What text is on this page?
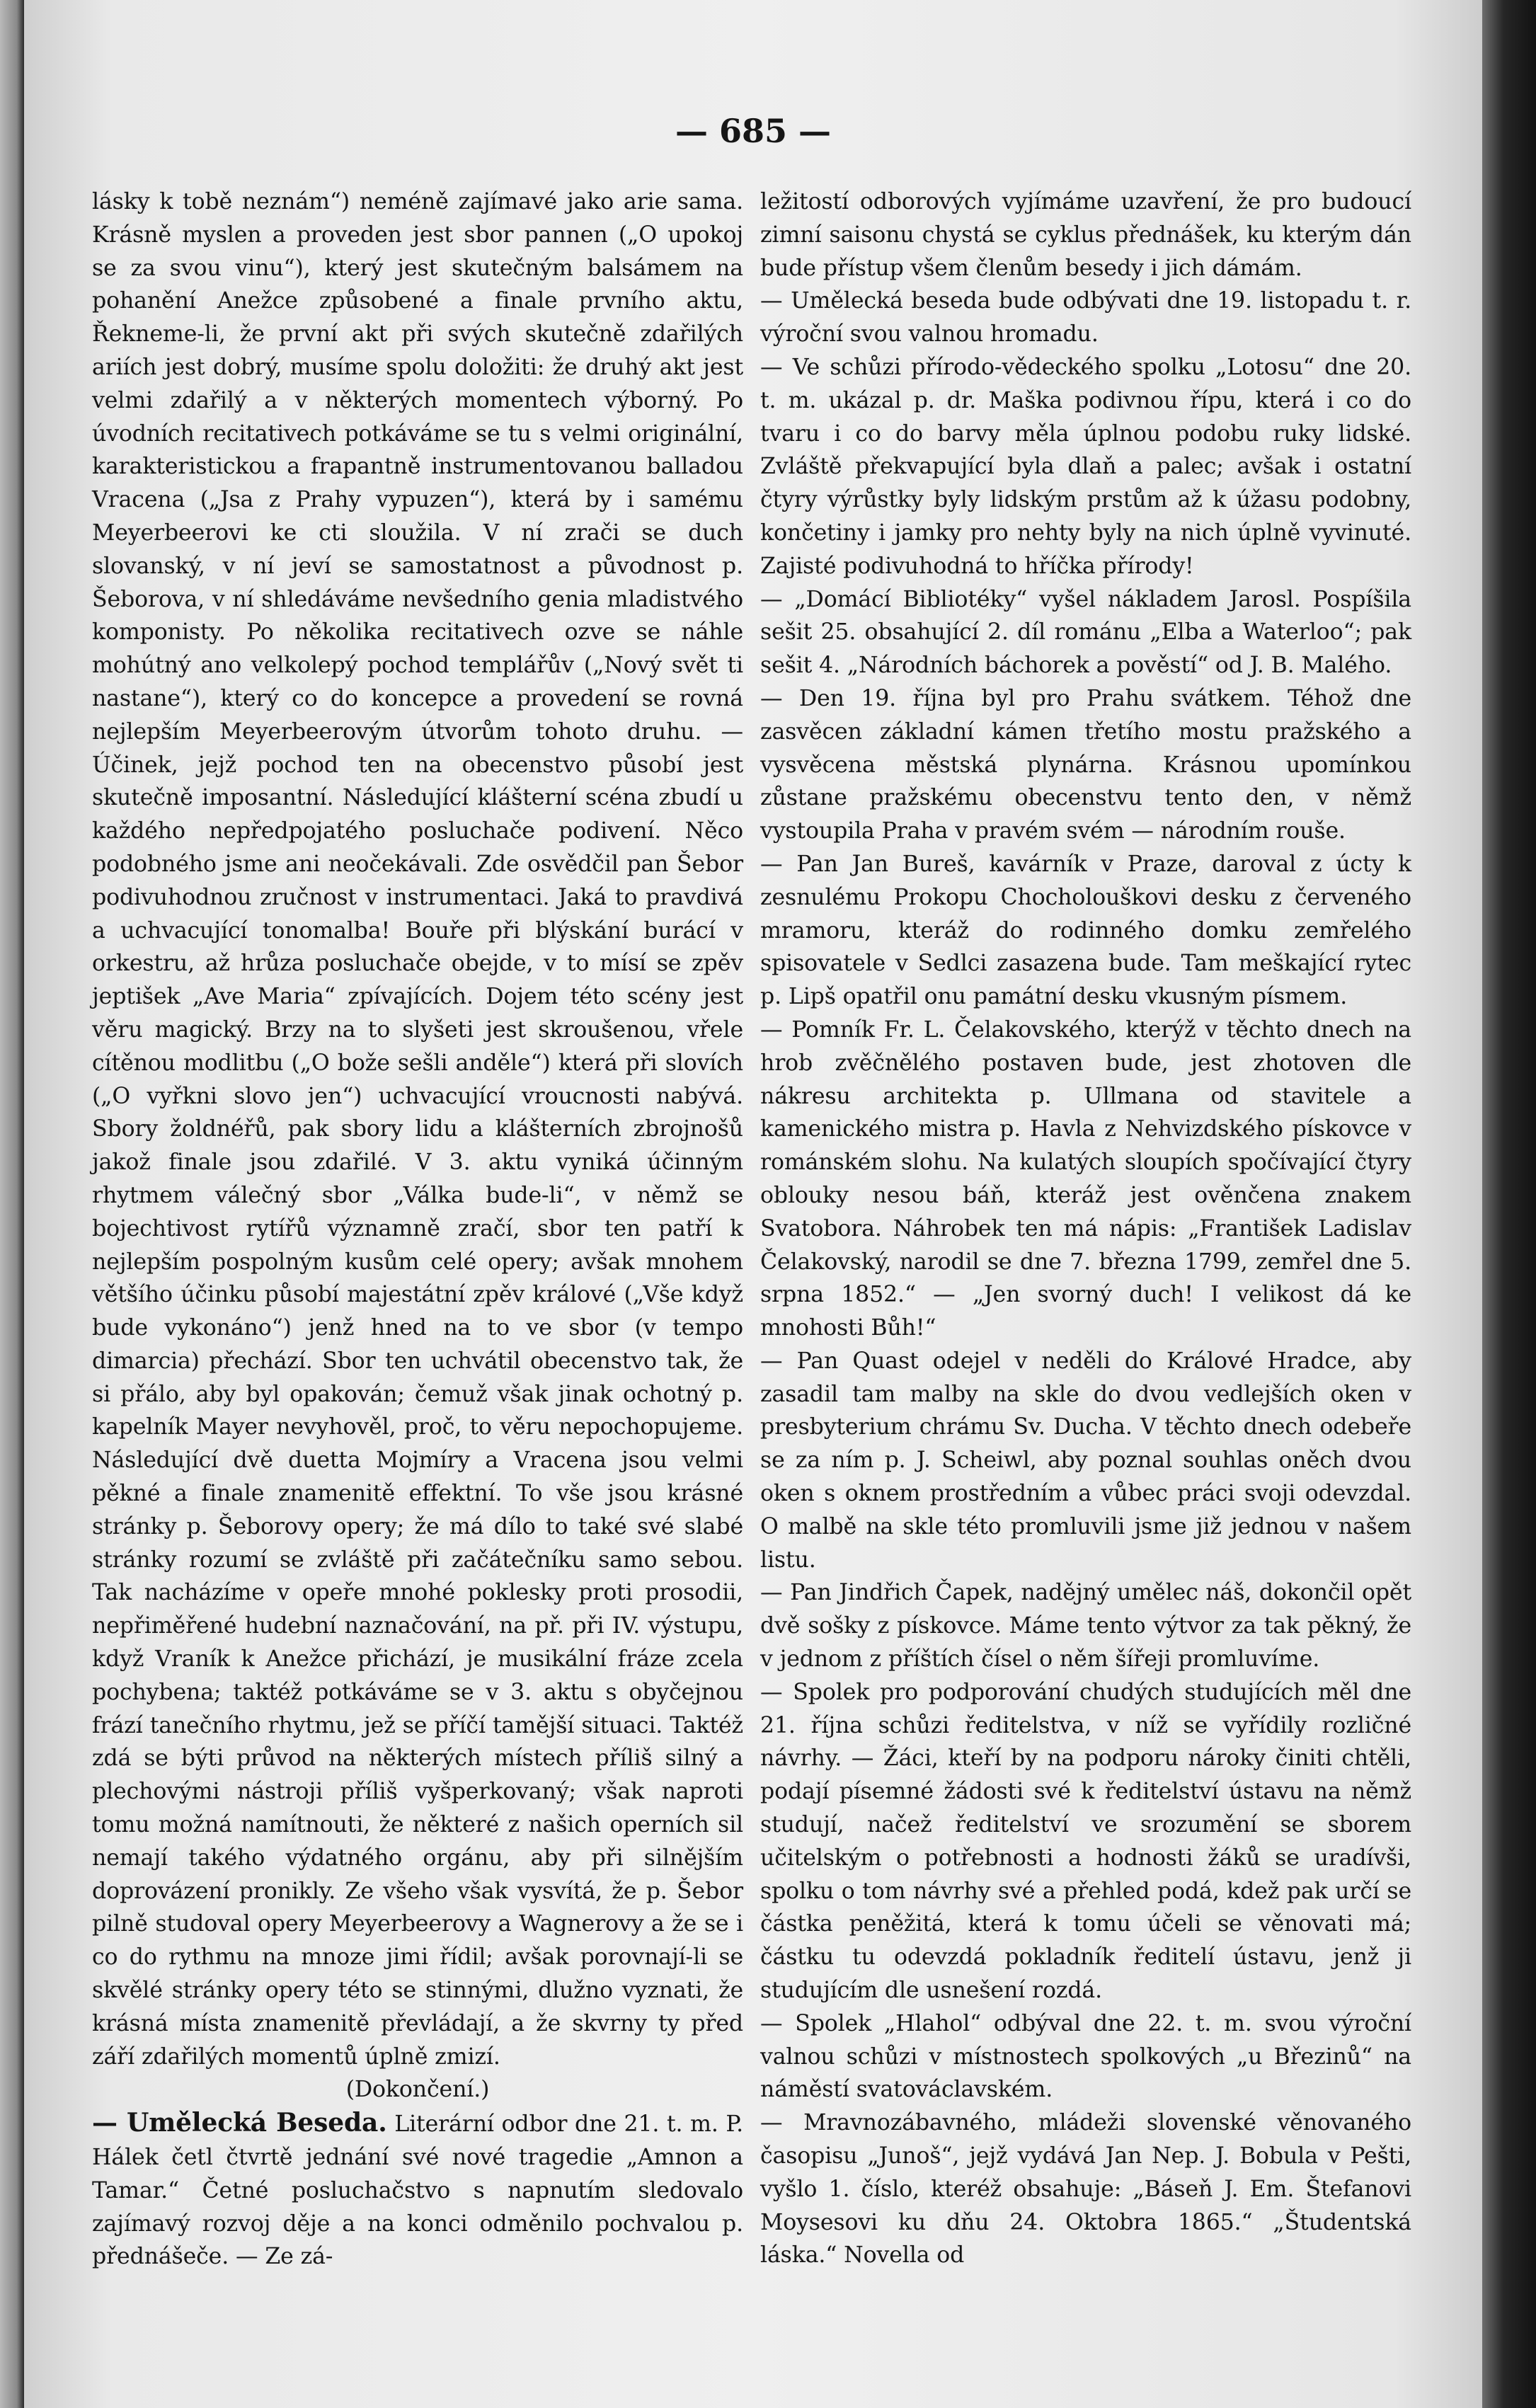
— 685 —

lásky k tobě neznám“) neméně zajímavé jako arie sama. Krásně myslen a proveden jest sbor pannen („O upokoj se za svou vinu“), který jest skutečným balsámem na pohanění Anežce způsobené a finale prvního aktu, Řekneme-li, že první akt při svých skutečně zdařilých ariích jest dobrý, musíme spolu doložiti: že druhý akt jest velmi zdařilý a v některých momentech výborný. Po úvodních recitativech potkáváme se tu s velmi originální, karakteristickou a frapantně instrumentovanou balladou Vracena („Jsa z Prahy vypuzen“), která by i samému Meyerbeerovi ke cti sloužila. V ní zrači se duch slovanský, v ní jeví se samostatnost a původnost p. Šeborova, v ní shledáváme nevšedního genia mladistvého komponisty. Po několika recitativech ozve se náhle mohútný ano velkolepý pochod templářův („Nový svět ti nastane“), který co do koncepce a provedení se rovná nejlepším Meyerbeerovým útvorům tohoto druhu. — Účinek, jejž pochod ten na obecenstvo působí jest skutečně imposantní. Následující klášterní scéna zbudí u každého nepředpojatého posluchače podivení. Něco podobného jsme ani neočekávali. Zde osvědčil pan Šebor podivuhodnou zručnost v instrumentaci. Jaká to pravdivá a uchvacující tonomalba! Bouře při blýskání burácí v orkestru, až hrůza posluchače obejde, v to mísí se zpěv jeptišek „Ave Maria“ zpívajících. Dojem této scény jest věru magický. Brzy na to slyšeti jest skroušenou, vřele cítěnou modlitbu („O bože sešli anděle“) která při slovích („O vyřkni slovo jen“) uchvacující vroucnosti nabývá. Sbory žoldnéřů, pak sbory lidu a klášterních zbrojnošů jakož finale jsou zdařilé. V 3. aktu vyniká účinným rhytmem válečný sbor „Válka bude-li“, v němž se bojechtivost rytířů významně zračí, sbor ten patří k nejlepším pospolným kusům celé opery; avšak mnohem většího účinku působí majestátní zpěv králové („Vše když bude vykonáno“) jenž hned na to ve sbor (v tempo dimarcia) přechází. Sbor ten uchvátil obecenstvo tak, že si přálo, aby byl opakován; čemuž však jinak ochotný p. kapelník Mayer nevyhověl, proč, to věru nepochopujeme. Následující dvě duetta Mojmíry a Vracena jsou velmi pěkné a finale znamenitě effektní. To vše jsou krásné stránky p. Šeborovy opery; že má dílo to také své slabé stránky rozumí se zvláště při začátečníku samo sebou. Tak nacházíme v opeře mnohé poklesky proti prosodii, nepřiměřené hudební naznačování, na př. při IV. výstupu, když Vraník k Anežce přichází, je musikální fráze zcela pochybena; taktéž potkáváme se v 3. aktu s obyčejnou frází tanečního rhytmu, jež se příčí tamější situaci. Taktéž zdá se býti průvod na některých místech příliš silný a plechovými nástroji příliš vyšperkovaný; však naproti tomu možná namítnouti, že některé z našich operních sil nemají takého výdatného orgánu, aby při silnějším doprovázení pronikly. Ze všeho však vysvítá, že p. Šebor pilně studoval opery Meyerbeerovy a Wagnerovy a že se i co do rythmu na mnoze jimi řídil; avšak porovnají-li se skvělé stránky opery této se stinnými, dlužno vyznati, že krásná místa znamenitě převládají, a že skvrny ty před září zdařilých momentů úplně zmizí.

(Dokončení.)

— Umělecká Beseda. Literární odbor dne 21. t. m. P. Hálek četl čtvrtě jednání své nové tragedie „Amnon a Tamar.“ Četné posluchačstvo s napnutím sledovalo zajímavý rozvoj děje a na konci odměnilo pochvalou p. přednášeče. — Ze zá-

ležitostí odborových vyjímáme uzavření, že pro budoucí zimní saisonu chystá se cyklus přednášek, ku kterým dán bude přístup všem členům besedy i jich dámám.

— Umělecká beseda bude odbývati dne 19. listopadu t. r. výroční svou valnou hromadu.

— Ve schůzi přírodo-vědeckého spolku „Lotosu“ dne 20. t. m. ukázal p. dr. Maška podivnou řípu, která i co do tvaru i co do barvy měla úplnou podobu ruky lidské. Zvláště překvapující byla dlaň a palec; avšak i ostatní čtyry výrůstky byly lidským prstům až k úžasu podobny, končetiny i jamky pro nehty byly na nich úplně vyvinuté. Zajisté podivuhodná to hříčka přírody!

— „Domácí Bibliotéky“ vyšel nákladem Jarosl. Pospíšila sešit 25. obsahující 2. díl románu „Elba a Waterloo“; pak sešit 4. „Národních báchorek a pověstí“ od J. B. Malého.

— Den 19. října byl pro Prahu svátkem. Téhož dne zasvěcen základní kámen třetího mostu pražského a vysvěcena městská plynárna. Krásnou upomínkou zůstane pražskému obecenstvu tento den, v němž vystoupila Praha v pravém svém — národním rouše.

— Pan Jan Bureš, kavárník v Praze, daroval z úcty k zesnulému Prokopu Chocholouškovi desku z červeného mramoru, kteráž do rodinného domku zemřelého spisovatele v Sedlci zasazena bude. Tam meškající rytec p. Lipš opatřil onu památní desku vkusným písmem.

— Pomník Fr. L. Čelakovského, kterýž v těchto dnech na hrob zvěčnělého postaven bude, jest zhotoven dle nákresu architekta p. Ullmana od stavitele a kamenického mistra p. Havla z Nehvizdského pískovce v románském slohu. Na kulatých sloupích spočívající čtyry oblouky nesou báň, kteráž jest ověnčena znakem Svatobora. Náhrobek ten má nápis: „František Ladislav Čelakovský, narodil se dne 7. března 1799, zemřel dne 5. srpna 1852.“ — „Jen svorný duch! I velikost dá ke mnohosti Bůh!“

— Pan Quast odejel v neděli do Králové Hradce, aby zasadil tam malby na skle do dvou vedlejších oken v presbyterium chrámu Sv. Ducha. V těchto dnech odebeře se za ním p. J. Scheiwl, aby poznal souhlas oněch dvou oken s oknem prostředním a vůbec práci svoji odevzdal. O malbě na skle této promluvili jsme již jednou v našem listu.

— Pan Jindřich Čapek, nadějný umělec náš, dokončil opět dvě sošky z pískovce. Máme tento výtvor za tak pěkný, že v jednom z příštích čísel o něm šířeji promluvíme.

— Spolek pro podporování chudých studujících měl dne 21. října schůzi ředitelstva, v níž se vyřídily rozličné návrhy. — Žáci, kteří by na podporu nároky činiti chtěli, podají písemné žádosti své k ředitelství ústavu na němž studují, načež ředitelství ve srozumění se sborem učitelským o potřebnosti a hodnosti žáků se uradívši, spolku o tom návrhy své a přehled podá, kdež pak určí se částka peněžitá, která k tomu účeli se věnovati má; částku tu odevzdá pokladník ředitelí ústavu, jenž ji studujícím dle usnešení rozdá.

— Spolek „Hlahol“ odbýval dne 22. t. m. svou výroční valnou schůzi v místnostech spolkových „u Březinů“ na náměstí svatováclavském.

— Mravnozábavného, mládeži slovenské věnovaného časopisu „Junoš“, jejž vydává Jan Nep. J. Bobula v Pešti, vyšlo 1. číslo, kteréž obsahuje: „Báseň J. Em. Štefanovi Moysesovi ku dňu 24. Oktobra 1865.“ „Študentská láska.“ Novella od
